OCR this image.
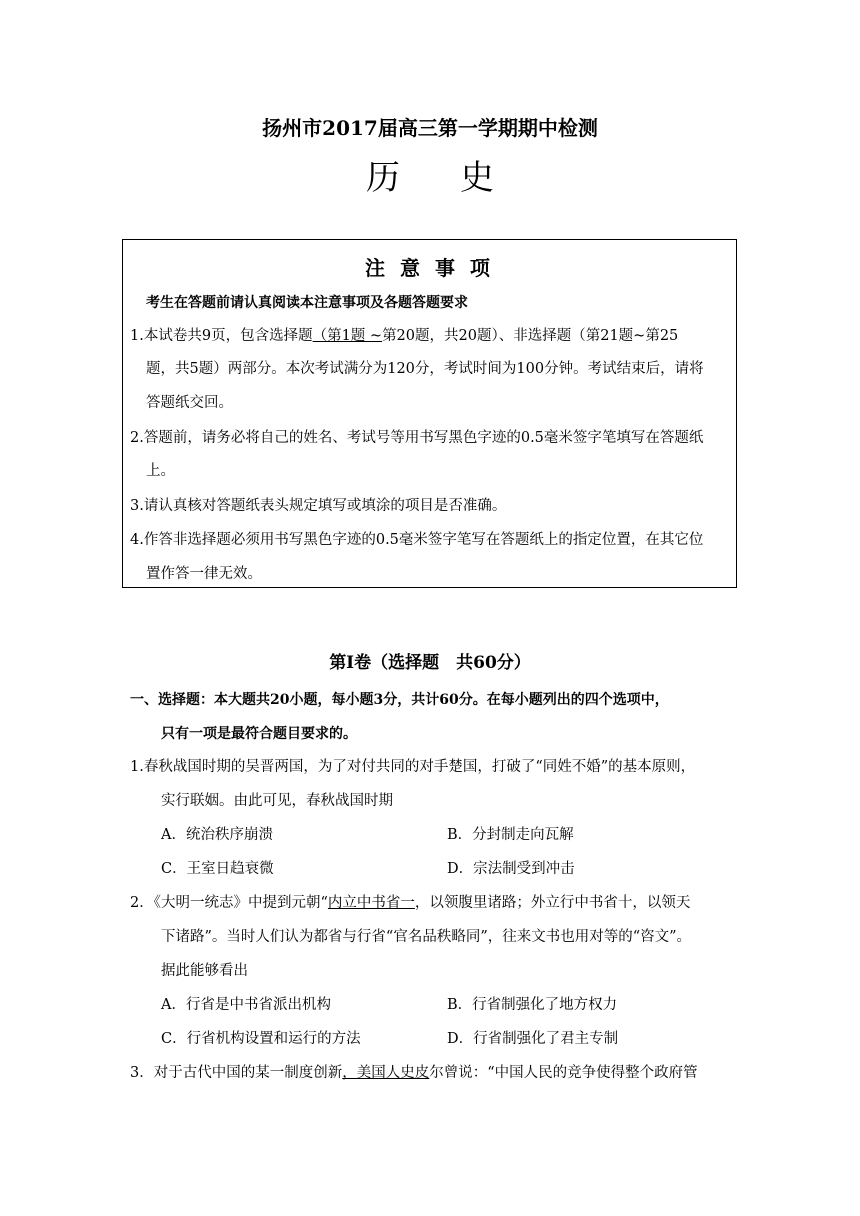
扬州市2017届高三第一学期期中检测
历史
注 意 事 项
考生在答题前请认真阅读本注意事项及各题答题要求
1.本试卷共9页，包含选择题（第1题 ~第20题，共20题）、非选择题（第21题~第25
题，共5题）两部分。本次考试满分为120分，考试时间为100分钟。考试结束后，请将
答题纸交回。
2.答题前，请务必将自己的姓名、考试号等用书写黑色字迹的0.5毫米签字笔填写在答题纸
上。
3.请认真核对答题纸表头规定填写或填涂的项目是否准确。
4.作答非选择题必须用书写黑色字迹的0.5毫米签字笔写在答题纸上的指定位置，在其它位
置作答一律无效。
第Ⅰ卷（选择题　共60分）
一、选择题：本大题共20小题，每小题3分，共计60分。在每小题列出的四个选项中，
只有一项是最符合题目要求的。
1.春秋战国时期的吴晋两国，为了对付共同的对手楚国，打破了“同姓不婚”的基本原则，
实行联姻。由此可见，春秋战国时期
A．统治秩序崩溃	B．分封制走向瓦解
C．王室日趋衰微	D．宗法制受到冲击
2．《大明一统志》中提到元朝“内立中书省一，以领腹里诸路；外立行中书省十，以领天
下诸路”。当时人们认为都省与行省“官名品秩略同”，往来文书也用对等的“咨文”。
据此能够看出
A．行省是中书省派出机构	B．行省制强化了地方权力
C．行省机构设置和运行的方法	D．行省制强化了君主专制
3．对于古代中国的某一制度创新，美国人史皮尔曾说：“中国人民的竞争使得整个政府管
